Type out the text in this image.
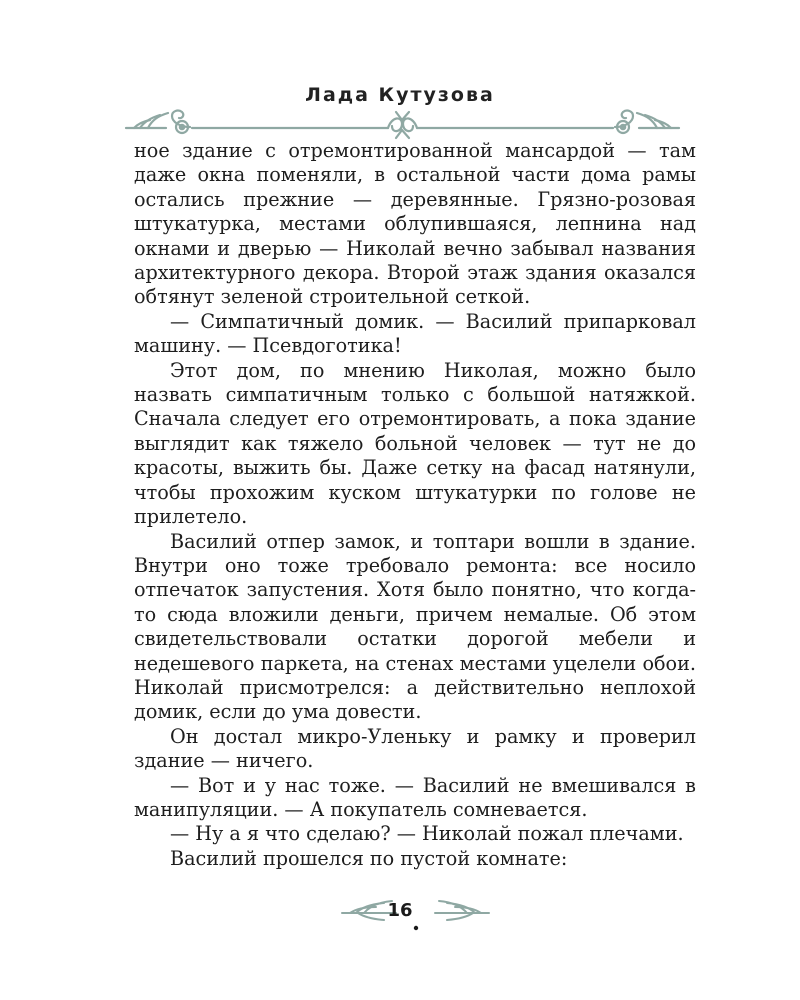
Лада Кутузова

ное здание с отремонтированной мансардой — там даже окна поменяли, в остальной части дома рамы остались прежние — деревянные. Грязно-розовая штукатурка, местами облупившаяся, лепнина над окнами и дверью — Николай вечно забывал названия архитектурного декора. Второй этаж здания оказался обтянут зеленой строительной сеткой.

— Симпатичный домик. — Василий припарковал машину. — Псевдоготика!

Этот дом, по мнению Николая, можно было назвать симпатичным только с большой натяжкой. Сначала следует его отремонтировать, а пока здание выглядит как тяжело больной человек — тут не до красоты, выжить бы. Даже сетку на фасад натянули, чтобы прохожим куском штукатурки по голове не прилетело.

Василий отпер замок, и топтари вошли в здание. Внутри оно тоже требовало ремонта: все носило отпечаток запустения. Хотя было понятно, что когда-то сюда вложили деньги, причем немалые. Об этом свидетельствовали остатки дорогой мебели и недешевого паркета, на стенах местами уцелели обои. Николай присмотрелся: а действительно неплохой домик, если до ума довести.

Он достал микро-Уленьку и рамку и проверил здание — ничего.

— Вот и у нас тоже. — Василий не вмешивался в манипуляции. — А покупатель сомневается.

— Ну а я что сделаю? — Николай пожал плечами.

Василий прошелся по пустой комнате:

16
